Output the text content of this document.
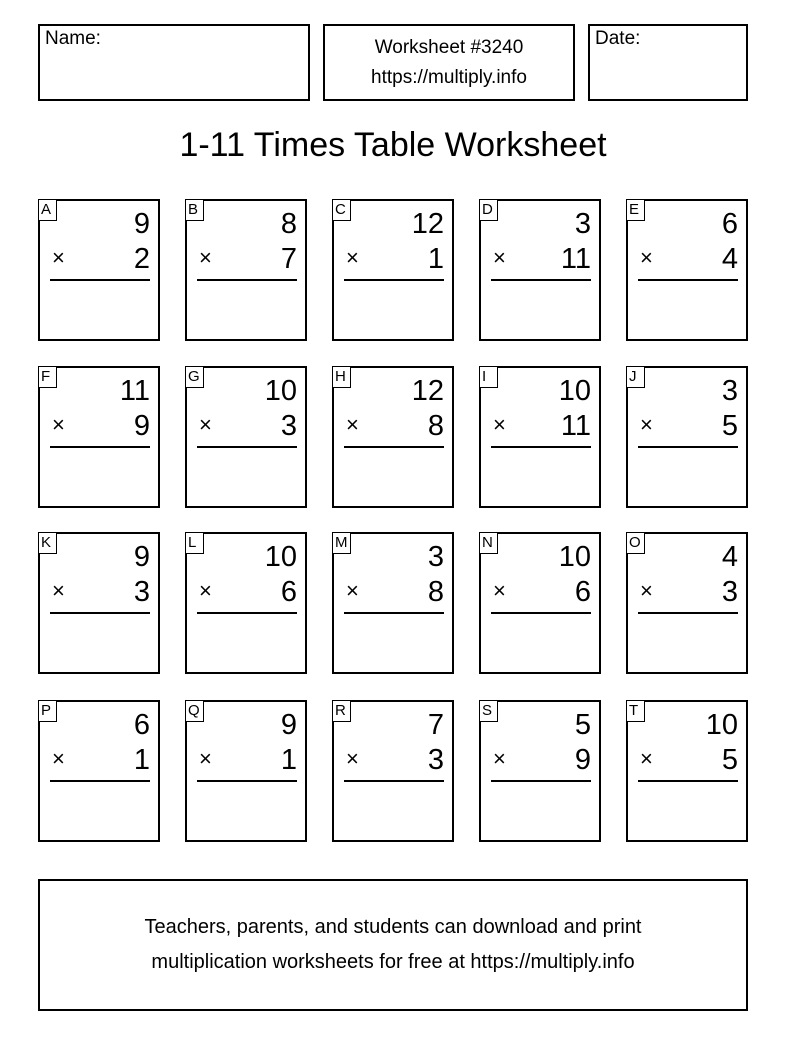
Name:	Worksheet #3240
https://multiply.info
Date:
1-11 Times Table Worksheet
A	9
× 2
B	8
× 7
C 12
× 1
D	3
× 11
E	6
× 4
F 11
× 9
G 10
× 3
H 12
× 8
I	10
× 11
J	3
× 5
K	9
× 3
L 10
× 6
M	3
× 8
N 10
× 6
O	4
× 3
P	6
× 1
Q	9
× 1
R	7
× 3
S	5
× 9
T 10
× 5
Teachers, parents, and students can download and print
multiplication worksheets for free at https://multiply.info
